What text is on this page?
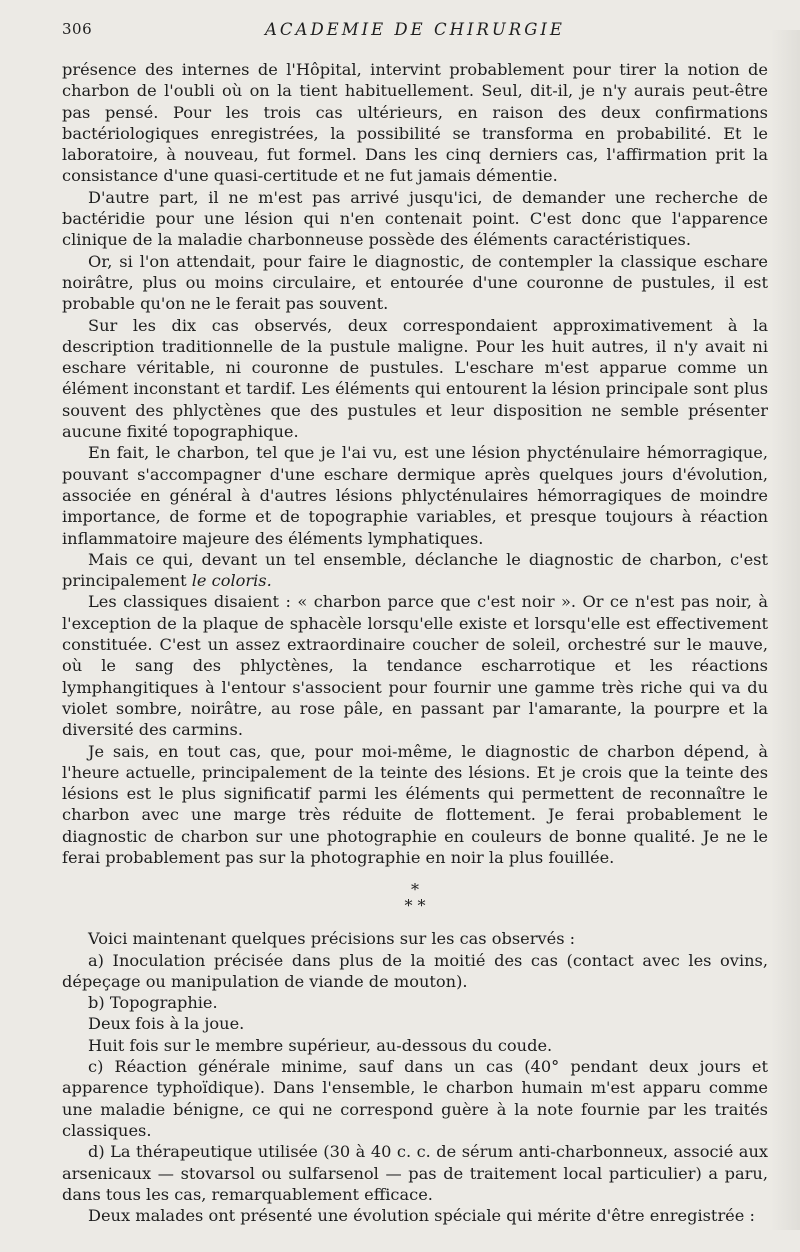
306	ACADEMIE DE CHIRURGIE

présence des internes de l'Hôpital, intervint probablement pour tirer la notion de charbon de l'oubli où on la tient habituellement. Seul, dit-il, je n'y aurais peut-être pas pensé. Pour les trois cas ultérieurs, en raison des deux confirmations bactériologiques enregistrées, la possibilité se transforma en probabilité. Et le laboratoire, à nouveau, fut formel. Dans les cinq derniers cas, l'affirmation prit la consistance d'une quasi-certitude et ne fut jamais démentie.

D'autre part, il ne m'est pas arrivé jusqu'ici, de demander une recherche de bactéridie pour une lésion qui n'en contenait point. C'est donc que l'apparence clinique de la maladie charbonneuse possède des éléments caractéristiques.

Or, si l'on attendait, pour faire le diagnostic, de contempler la classique eschare noirâtre, plus ou moins circulaire, et entourée d'une couronne de pustules, il est probable qu'on ne le ferait pas souvent.

Sur les dix cas observés, deux correspondaient approximativement à la description traditionnelle de la pustule maligne. Pour les huit autres, il n'y avait ni eschare véritable, ni couronne de pustules. L'eschare m'est apparue comme un élément inconstant et tardif. Les éléments qui entourent la lésion principale sont plus souvent des phlyctènes que des pustules et leur disposition ne semble présenter aucune fixité topographique.

En fait, le charbon, tel que je l'ai vu, est une lésion phycténulaire hémorragique, pouvant s'accompagner d'une eschare dermique après quelques jours d'évolution, associée en général à d'autres lésions phlycténulaires hémorragiques de moindre importance, de forme et de topographie variables, et presque toujours à réaction inflammatoire majeure des éléments lymphatiques.

Mais ce qui, devant un tel ensemble, déclanche le diagnostic de charbon, c'est principalement le coloris.

Les classiques disaient : « charbon parce que c'est noir ». Or ce n'est pas noir, à l'exception de la plaque de sphacèle lorsqu'elle existe et lorsqu'elle est effectivement constituée. C'est un assez extraordinaire coucher de soleil, orchestré sur le mauve, où le sang des phlyctènes, la tendance escharrotique et les réactions lymphangitiques à l'entour s'associent pour fournir une gamme très riche qui va du violet sombre, noirâtre, au rose pâle, en passant par l'amarante, la pourpre et la diversité des carmins.

Je sais, en tout cas, que, pour moi-même, le diagnostic de charbon dépend, à l'heure actuelle, principalement de la teinte des lésions. Et je crois que la teinte des lésions est le plus significatif parmi les éléments qui permettent de reconnaître le charbon avec une marge très réduite de flottement. Je ferai probablement le diagnostic de charbon sur une photographie en couleurs de bonne qualité. Je ne le ferai probablement pas sur la photographie en noir la plus fouillée.

*
* *

Voici maintenant quelques précisions sur les cas observés :

a) Inoculation précisée dans plus de la moitié des cas (contact avec les ovins, dépeçage ou manipulation de viande de mouton).

b) Topographie.

Deux fois à la joue.

Huit fois sur le membre supérieur, au-dessous du coude.

c) Réaction générale minime, sauf dans un cas (40° pendant deux jours et apparence typhoïdique). Dans l'ensemble, le charbon humain m'est apparu comme une maladie bénigne, ce qui ne correspond guère à la note fournie par les traités classiques.

d) La thérapeutique utilisée (30 à 40 c. c. de sérum anti-charbonneux, associé aux arsenicaux — stovarsol ou sulfarsenol — pas de traitement local particulier) a paru, dans tous les cas, remarquablement efficace.

Deux malades ont présenté une évolution spéciale qui mérite d'être enregistrée :
